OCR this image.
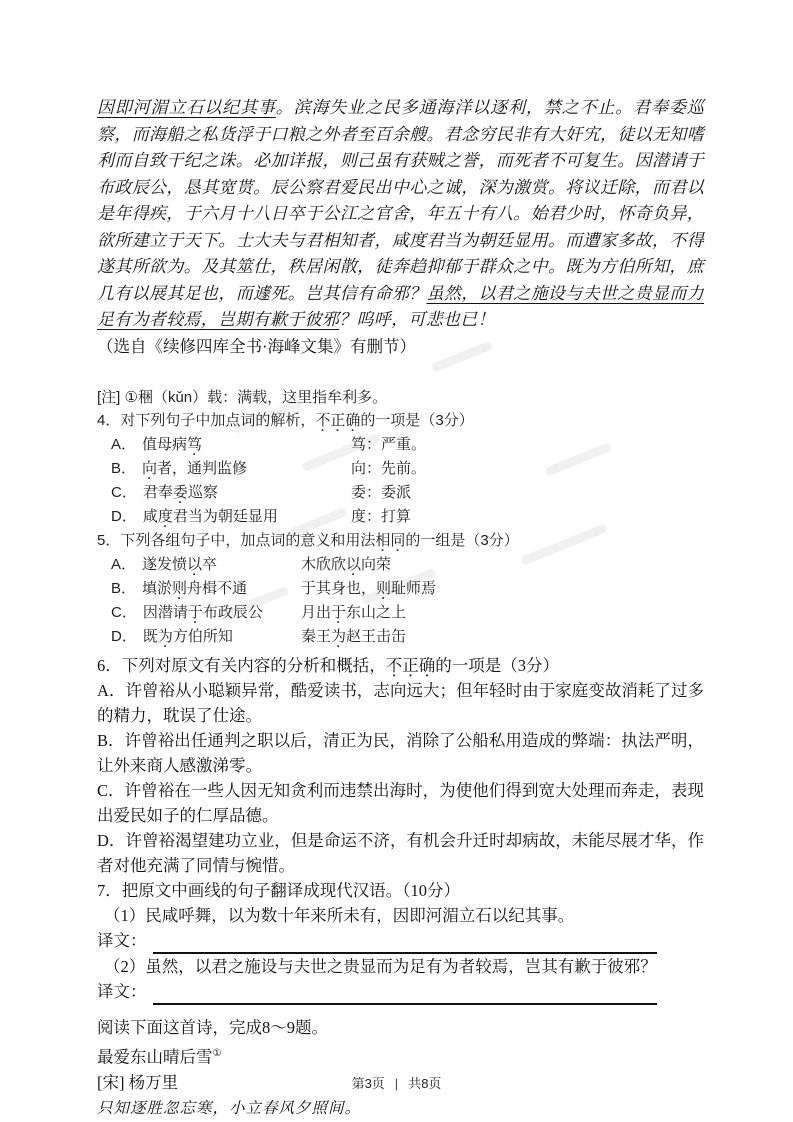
因即河湄立石以纪其事。滨海失业之民多通海洋以逐利，禁之不止。君奉委巡察，而海船之私货浮于口粮之外者至百余艘。君念穷民非有大奸宄，徒以无知嗜利而自致干纪之诛。必加详报，则己虽有获贼之誉，而死者不可复生。因潜请于布政辰公，恳其宽贳。辰公察君爱民出中心之诚，深为激赏。将议迁除，而君以是年得疾，于六月十八日卒于公江之官舍，年五十有八。始君少时，怀奇负异，欲所建立于天下。士大夫与君相知者，咸度君当为朝廷显用。而遭家多故，不得遂其所欲为。及其筮仕，秩居闲散，徒奔趋抑郁于群众之中。既为方伯所知，庶几有以展其足也，而遽死。岂其信有命邪？虽然，以君之施设与夫世之贵显而力足有为者较焉，岂期有歉于彼邪？呜呼，可悲也已！
（选自《续修四库全书·海峰文集》有删节）
[注] ①稇（kǔn）载：满载，这里指牟利多。
4．对下列句子中加点词的解析，不正确的一项是（3分）
A． 值母病笃	笃：严重。
B． 向者，通判监修	向：先前。
C． 君奉委巡察	委：委派
D． 咸度君当为朝廷显用	度：打算
5．下列各组句子中，加点词的意义和用法相同的一组是（3分）
A． 遂发愤以卒	木欣欣以向荣
B． 填淤则舟楫不通	于其身也，则耻师焉
C． 因潜请于布政辰公	月出于东山之上
D． 既为方伯所知	秦王为赵王击缶
6．下列对原文有关内容的分析和概括，不正确的一项是（3分）

A．许曾裕从小聪颖异常，酷爱读书，志向远大；但年轻时由于家庭变故消耗了过多的精力，耽误了仕途。

B．许曾裕出任通判之职以后，清正为民，消除了公船私用造成的弊端：执法严明，让外来商人感激涕零。

C．许曾裕在一些人因无知贪利而违禁出海时，为使他们得到宽大处理而奔走，表现出爱民如子的仁厚品德。

D．许曾裕渴望建功立业，但是命运不济，有机会升迁时却病故，未能尽展才华，作者对他充满了同情与惋惜。

7．把原文中画线的句子翻译成现代汉语。（10分）

（1）民咸呼舞，以为数十年来所未有，因即河湄立石以纪其事。

译文：

（2）虽然，以君之施设与夫世之贵显而为足有为者较焉，岂其有歉于彼邪？

译文：
阅读下面这首诗，完成8～9题。
最爱东山晴后雪①
[宋] 杨万里
只知逐胜忽忘寒，小立春风夕照间。
第3页 | 共8页
